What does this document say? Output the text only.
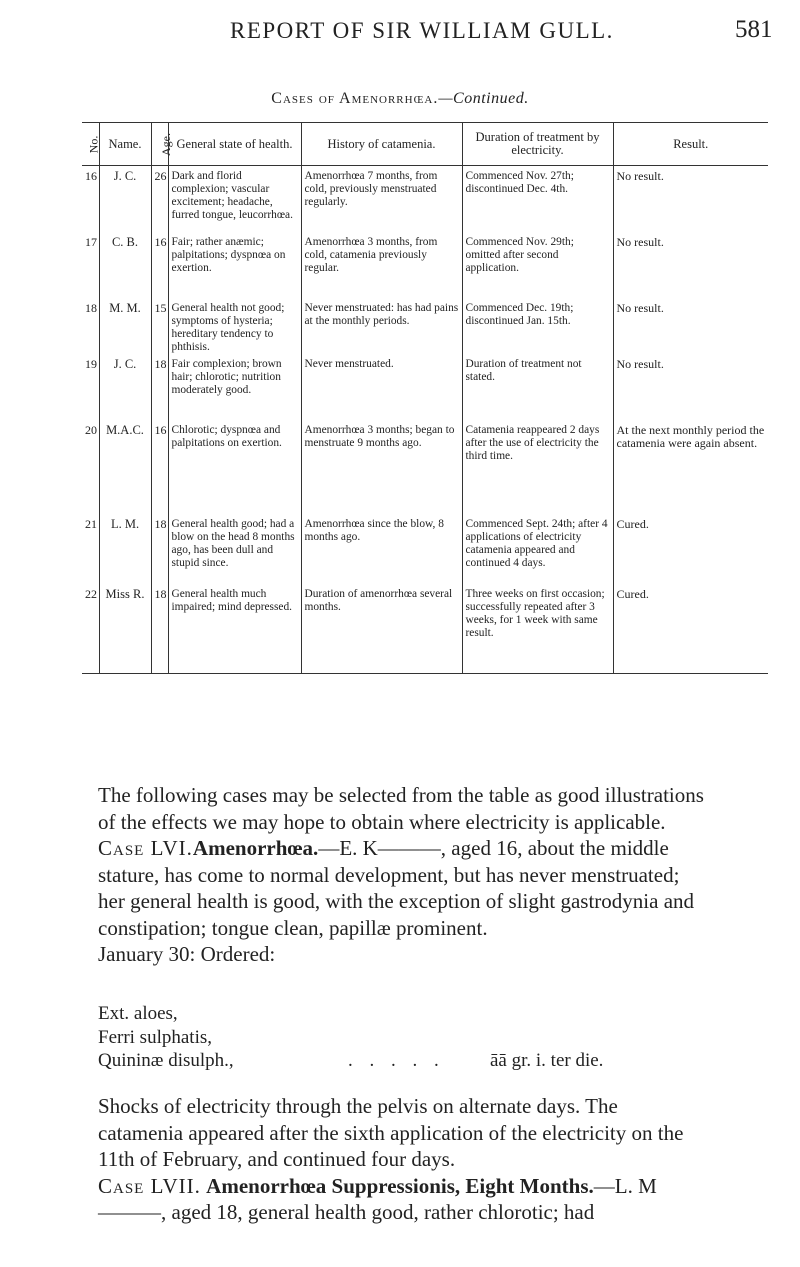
REPORT OF SIR WILLIAM GULL.	581
Cases of Amenorrhœa.—Continued.
No.	Name.	Age.	General state of health.	History of catamenia.	Duration of treatment by electricity.	Result.
16	J. C.	26	Dark and florid complexion; vascular excitement; headache, furred tongue, leucorrhœa.	Amenorrhœa 7 months, from cold, previously menstruated regularly.	Commenced Nov. 27th; discontinued Dec. 4th.	No result.
17	C. B.	16	Fair; rather anæmic; palpitations; dyspnœa on exertion.	Amenorrhœa 3 months, from cold, catamenia previously regular.	Commenced Nov. 29th; omitted after second application.	No result.
18	M. M.	15	General health not good; symptoms of hysteria; hereditary tendency to phthisis.	Never menstruated: has had pains at the monthly periods.	Commenced Dec. 19th; discontinued Jan. 15th.	No result.
19	J. C.	18	Fair complexion; brown hair; chlorotic; nutrition moderately good.	Never menstruated.	Duration of treatment not stated.	No result.
20	M.A.C.	16	Chlorotic; dyspnœa and palpitations on exertion.	Amenorrhœa 3 months; began to menstruate 9 months ago.	Catamenia reappeared 2 days after the use of electricity the third time.	At the next monthly period the catamenia were again absent.
21	L. M.	18	General health good; had a blow on the head 8 months ago, has been dull and stupid since.	Amenorrhœa since the blow, 8 months ago.	Commenced Sept. 24th; after 4 applications of electricity catamenia appeared and continued 4 days.	Cured.
22	Miss R.	18	General health much impaired; mind depressed.	Duration of amenorrhœa several months.	Three weeks on first occasion; successfully repeated after 3 weeks, for 1 week with same result.	Cured.

The following cases may be selected from the table as good illustrations of the effects we may hope to obtain where electricity is applicable.

Case LVI.Amenorrhœa.—E. K———, aged 16, about the middle stature, has come to normal development, but has never menstruated; her general health is good, with the exception of slight gastrodynia and constipation; tongue clean, papillæ prominent.

January 30: Ordered:

Ext. aloes,
Ferri sulphatis,
Quininæ disulph.,	. . . . . āā gr. i. ter die.

Shocks of electricity through the pelvis on alternate days. The catamenia appeared after the sixth application of the electricity on the 11th of February, and continued four days.

Case LVII. Amenorrhœa Suppressionis, Eight Months.—L. M———, aged 18, general health good, rather chlorotic; had
